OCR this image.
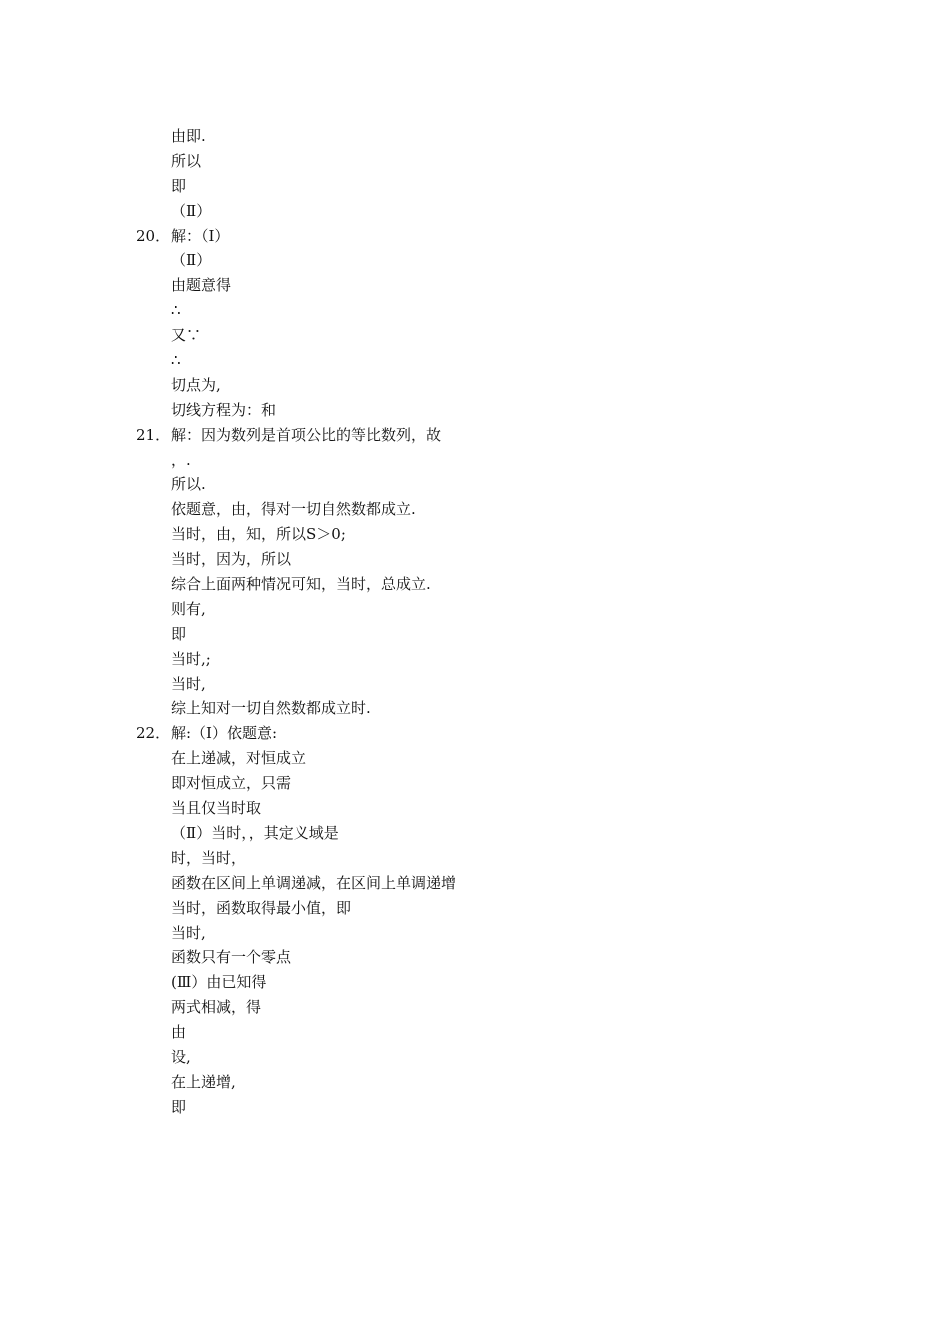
由即.
所以
即
（Ⅱ）
20． 解：（Ⅰ）
（Ⅱ）
由题意得
∴
又∵
∴
切点为,
切线方程为：和
21． 解：因为数列是首项公比的等比数列，故
，.
所以.
依题意，由，得对一切自然数都成立.
当时，由，知，所以S＞0;
当时，因为，所以
综合上面两种情况可知，当时，总成立.
则有,
即
当时,;
当时,
综上知对一切自然数都成立时.
22． 解:（Ⅰ）依题意:
在上递减，对恒成立
即对恒成立，只需
当且仅当时取
（Ⅱ）当时，，其定义域是
时，当时，
函数在区间上单调递减，在区间上单调递增
当时，函数取得最小值，即
当时,
函数只有一个零点
(Ⅲ）由已知得
两式相减，得
由
设,
在上递增,
即
